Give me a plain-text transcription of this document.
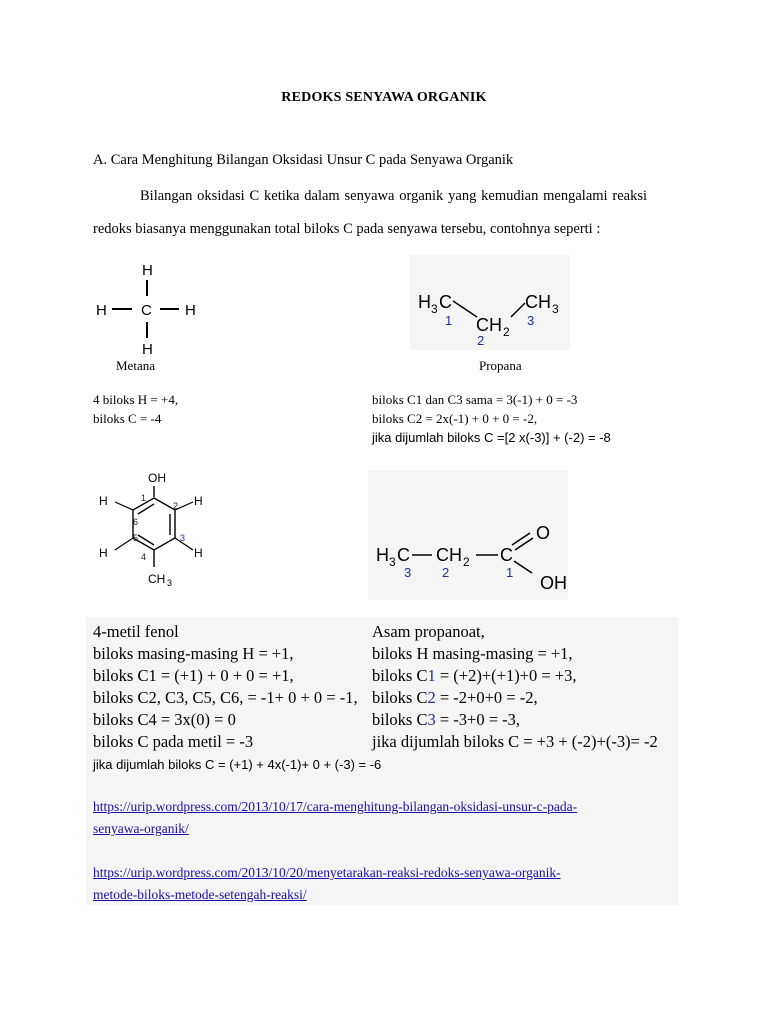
REDOKS SENYAWA ORGANIK
A. Cara Menghitung Bilangan Oksidasi Unsur C pada Senyawa Organik
Bilangan oksidasi C ketika dalam senyawa organik yang kemudian mengalami reaksi
redoks biasanya menggunakan total biloks C pada senyawa tersebu, contohnya seperti :
H
H C H
H
Metana
H 3 C
1 C H 2
2
C H 3
3
Propana
4 biloks H = +4,
biloks C = -4
biloks C1 dan C3 sama = 3(-1) + 0 = -3
biloks C2 = 2x(-1) + 0 + 0 = -2,
jika dijumlah biloks C =[2 x(-3)] + (-2) = -8
OH
1
2
3
4
5
6
H
H
H
H
CH 3
H 3 C
3
C H 2
2
C
1
O
OH
4-metil fenol
biloks masing-masing H = +1,
biloks C1 = (+1) + 0 + 0 = +1,
biloks C2, C3, C5, C6, = -1+ 0 + 0 = -1,
biloks C4 = 3x(0) = 0
biloks C pada metil = -3
jika dijumlah biloks C = (+1) + 4x(-1)+ 0 + (-3) = -6
Asam propanoat,
biloks H masing-masing = +1,
biloks C1 = (+2)+(+1)+0 = +3,
biloks C2 = -2+0+0 = -2,
biloks C3 = -3+0 = -3,
jika dijumlah biloks C = +3 + (-2)+(-3)= -2
https://urip.wordpress.com/2013/10/17/cara-menghitung-bilangan-oksidasi-unsur-c-pada-
senyawa-organik/
https://urip.wordpress.com/2013/10/20/menyetarakan-reaksi-redoks-senyawa-organik-
metode-biloks-metode-setengah-reaksi/
